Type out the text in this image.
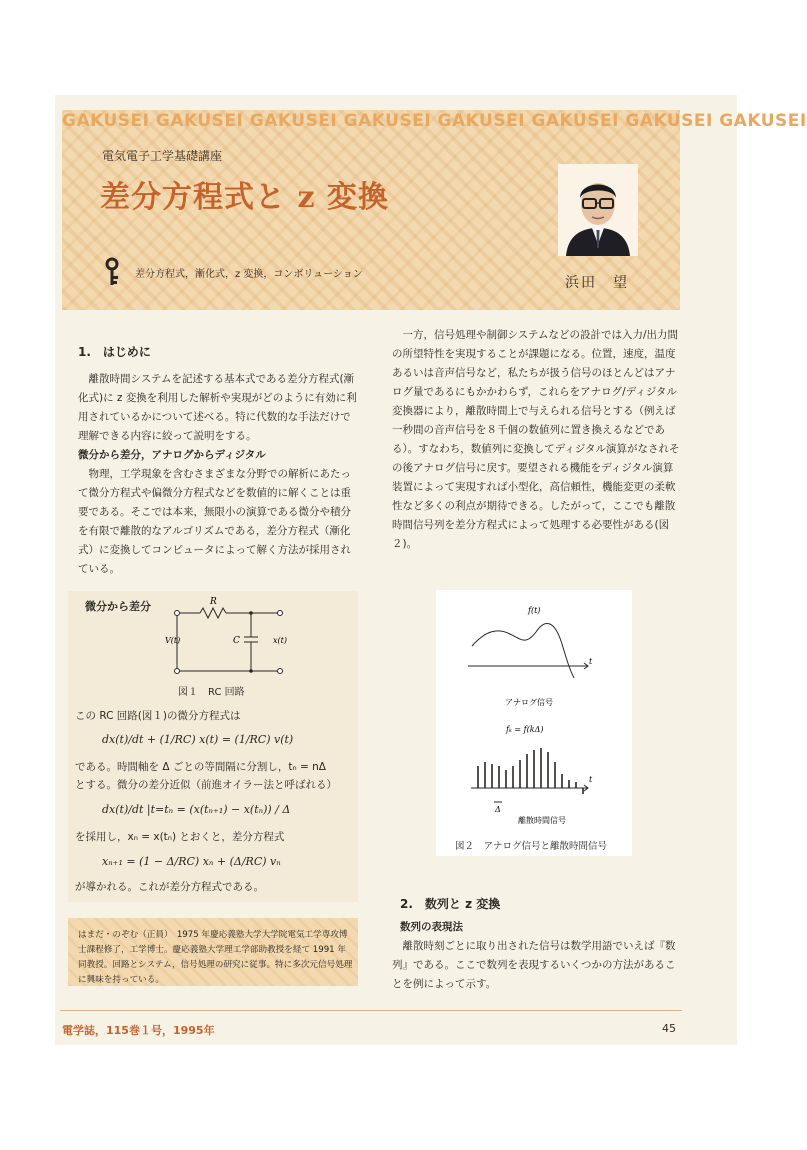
GAKUSEI GAKUSEI GAKUSEI GAKUSEI GAKUSEI GAKUSEI GAKUSEI GAKUSEI
電気電子工学基礎講座
差分方程式と z 変換
差分方程式，漸化式，z 変換，コンボリューション
浜田　望
1.　はじめに

離散時間システムを記述する基本式である差分方程式(漸化式)に z 変換を利用した解析や実現がどのように有効に利用されているかについて述べる。特に代数的な手法だけで理解できる内容に絞って説明をする。

微分から差分，アナログからディジタル

物理，工学現象を含むさまざまな分野での解析にあたって微分方程式や偏微分方程式などを数値的に解くことは重要である。そこでは本来，無限小の演算である微分や積分を有限で離散的なアルゴリズムである，差分方程式（漸化式）に変換してコンピュータによって解く方法が採用されている。

微分から差分	R
V(t)	C	x(t)
図１　RC 回路
この RC 回路(図１)の微分方程式は
dx(t)/dt + (1/RC) x(t) = (1/RC) v(t)
である。時間軸を Δ ごとの等間隔に分割し，tₙ = nΔ
とする。微分の差分近似（前進オイラー法と呼ばれる）
dx(t)/dt |t=tₙ = (x(tₙ₊₁) − x(tₙ)) / Δ
を採用し，xₙ = x(tₙ) とおくと，差分方程式
xₙ₊₁ = (1 − Δ/RC) xₙ + (Δ/RC) vₙ
が導かれる。これが差分方程式である。
はまだ・のぞむ（正員）　1975 年慶応義塾大学大学院電気工学専攻博士課程修了，工学博士。慶応義塾大学理工学部助教授を経て 1991 年同教授。回路とシステム，信号処理の研究に従事。特に多次元信号処理に興味を持っている。

一方，信号処理や制御システムなどの設計では入力/出力間の所望特性を実現することが課題になる。位置，速度，温度あるいは音声信号など，私たちが扱う信号のほとんどはアナログ量であるにもかかわらず，これらをアナログ/ディジタル変換器により，離散時間上で与えられる信号とする（例えば一秒間の音声信号を８千個の数値列に置き換えるなどである）。すなわち，数値列に変換してディジタル演算がなされその後アナログ信号に戻す。要望される機能をディジタル演算装置によって実現すれば小型化，高信頼性，機能変更の柔軟性など多くの利点が期待できる。したがって，ここでも離散時間信号列を差分方程式によって処理する必要性がある(図２)。

f(t)
t
アナログ信号
fₖ = f(kΔ)
t
Δ
離散時間信号
図２　アナログ信号と離散時間信号
2.　数列と z 変換
数列の表現法

離散時刻ごとに取り出された信号は数学用語でいえば『数列』である。ここで数列を表現するいくつかの方法があることを例によって示す。

電学誌，115巻１号，1995年	45
